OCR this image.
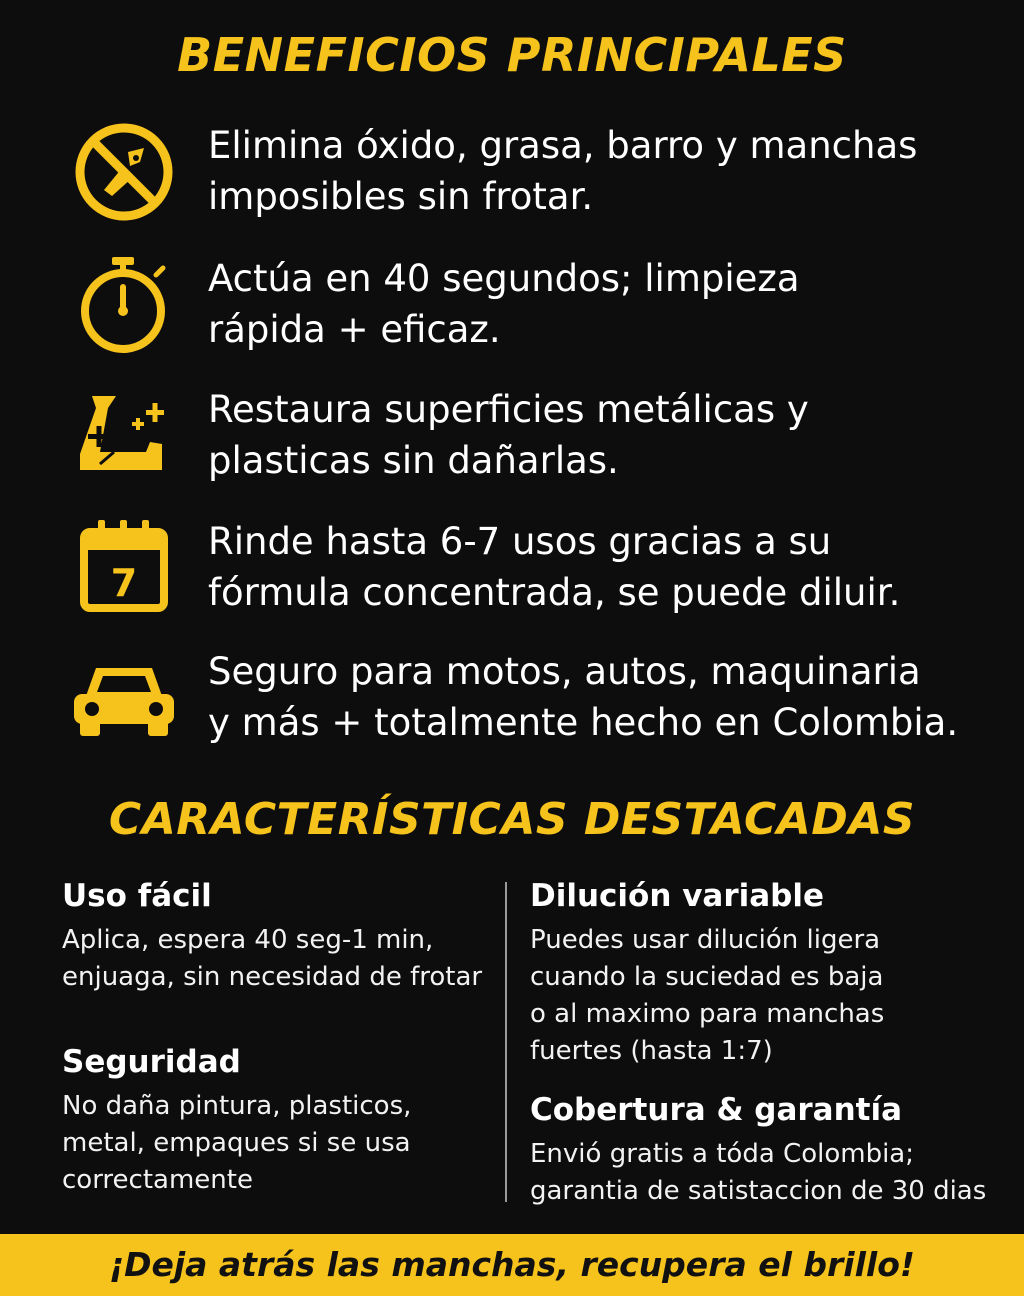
BENEFICIOS PRINCIPALES
Elimina óxido, grasa, barro y manchas
imposibles sin frotar.
Actúa en 40 segundos; limpieza
rápida + eficaz.
Restaura superficies metálicas y
plasticas sin dañarlas.
7
Rinde hasta 6-7 usos gracias a su
fórmula concentrada, se puede diluir.
Seguro para motos, autos, maquinaria
y más + totalmente hecho en Colombia.
CARACTERÍSTICAS DESTACADAS
Uso fácil

Aplica, espera 40 seg-1 min,
enjuaga, sin necesidad de frotar

Seguridad

No daña pintura, plasticos,
metal, empaques si se usa
correctamente

Dilución variable

Puedes usar dilución ligera
cuando la suciedad es baja
o al maximo para manchas
fuertes (hasta 1:7)

Cobertura & garantía

Envió gratis a tóda Colombia;
garantia de satistaccion de 30 dias

¡Deja atrás las manchas, recupera el brillo!
